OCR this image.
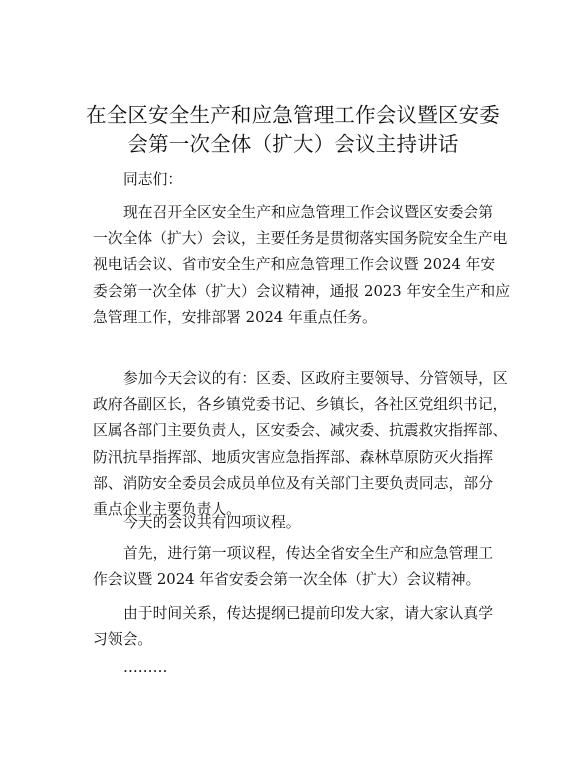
在全区安全生产和应急管理工作会议暨区安委
会第一次全体（扩大）会议主持讲话

同志们：

现在召开全区安全生产和应急管理工作会议暨区安委会第
一次全体（扩大）会议，主要任务是贯彻落实国务院安全生产电
视电话会议、省市安全生产和应急管理工作会议暨 2024 年安
委会第一次全体（扩大）会议精神，通报 2023 年安全生产和应
急管理工作，安排部署 2024 年重点任务。

参加今天会议的有：区委、区政府主要领导、分管领导，区
政府各副区长，各乡镇党委书记、乡镇长，各社区党组织书记，
区属各部门主要负责人，区安委会、减灾委、抗震救灾指挥部、
防汛抗旱指挥部、地质灾害应急指挥部、森林草原防灭火指挥
部、消防安全委员会成员单位及有关部门主要负责同志，部分
重点企业主要负责人。

今天的会议共有四项议程。

首先，进行第一项议程，传达全省安全生产和应急管理工
作会议暨 2024 年省安委会第一次全体（扩大）会议精神。

由于时间关系，传达提纲已提前印发大家，请大家认真学
习领会。

………
